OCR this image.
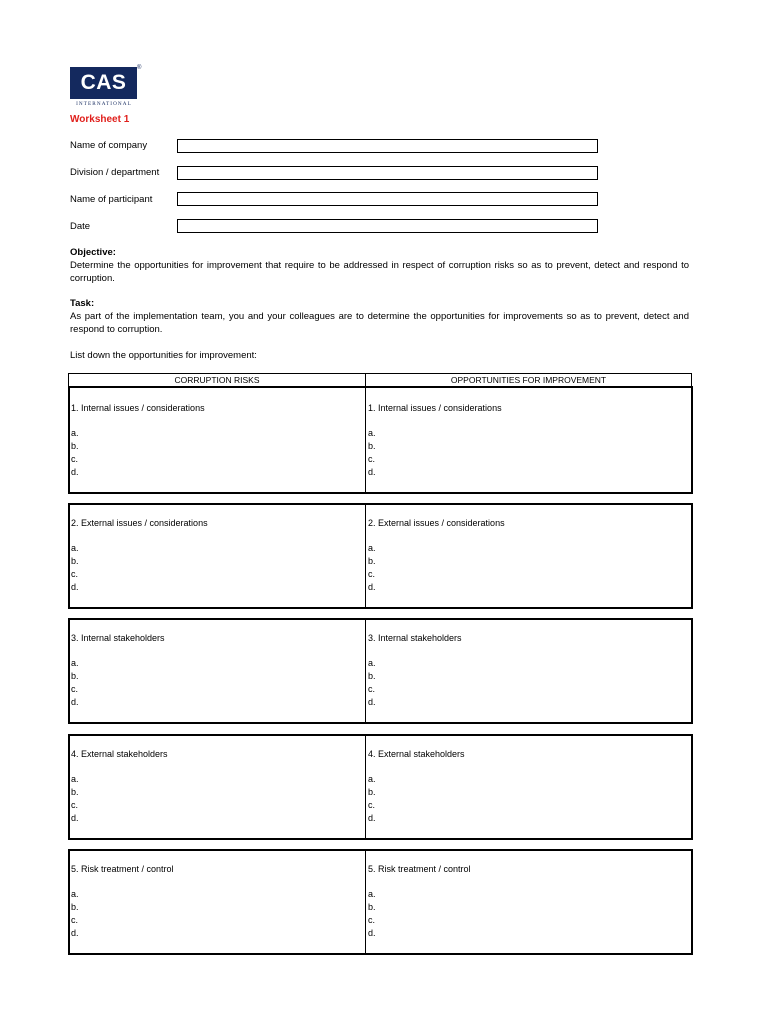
CAS
®
INTERNATIONAL
Worksheet 1
Name of company
Division / department
Name of participant
Date
Objective:
Determine the opportunities for improvement that require to be addressed in respect of corruption risks so as to prevent, detect and respond to corruption.
Task:
As part of the implementation team, you and your colleagues are to determine the opportunities for improvements so as to prevent, detect and respond to corruption.
List down the opportunities for improvement:
CORRUPTION RISKS	OPPORTUNITIES FOR IMPROVEMENT
1. Internal issues / considerations
a.
b.
c.
d.
1. Internal issues / considerations
a.
b.
c.
d.
2. External issues / considerations
a.
b.
c.
d.
2. External issues / considerations
a.
b.
c.
d.
3. Internal stakeholders
a.
b.
c.
d.
3. Internal stakeholders
a.
b.
c.
d.
4. External stakeholders
a.
b.
c.
d.
4. External stakeholders
a.
b.
c.
d.
5. Risk treatment / control
a.
b.
c.
d.
5. Risk treatment / control
a.
b.
c.
d.
